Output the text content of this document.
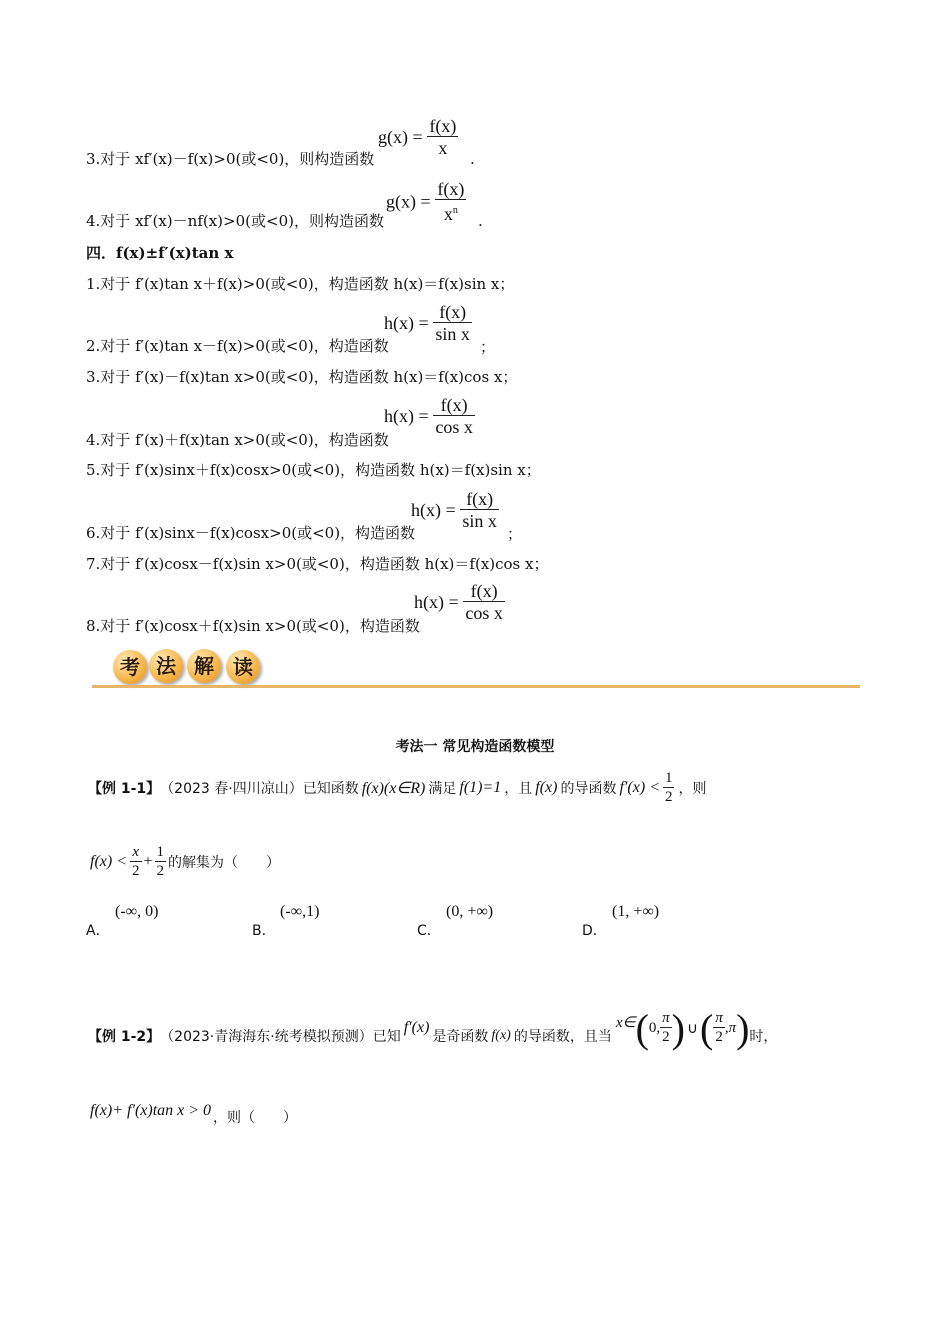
3.对于 xf′(x)－f(x)>0(或<0)，则构造函数
$g(x) = \frac{f(x)}{x}$ .
4.对于 xf′(x)－nf(x)>0(或<0)，则构造函数
$g(x) = \frac{f(x)}{x^n}$ .
四．f(x)±f′(x)tan x
1.对于 f′(x)tan x＋f(x)>0(或<0)，构造函数 h(x)＝f(x)sin x；
2.对于 f′(x)tan x－f(x)>0(或<0)，构造函数
$h(x) = \frac{f(x)}{\text{sin x}}$
；
3.对于 f′(x)－f(x)tan x>0(或<0)，构造函数 h(x)＝f(x)cos x；
4.对于 f′(x)＋f(x)tan x>0(或<0)，构造函数
$h(x) = \frac{f(x)}{\text{cos x}}$
5.对于 f′(x)sinx＋f(x)cosx>0(或<0)，构造函数 h(x)＝f(x)sin x；
6.对于 f′(x)sinx－f(x)cosx>0(或<0)，构造函数
$h(x) = \frac{f(x)}{\text{sin x}}$
；
7.对于 f′(x)cosx－f(x)sin x>0(或<0)，构造函数 h(x)＝f(x)cos x；
8.对于 f′(x)cosx＋f(x)sin x>0(或<0)，构造函数
$h(x) = \frac{f(x)}{\text{cos x}}$
考 法 解 读
考法一 常见构造函数模型
【例 1-1】 （2023 春·四川凉山）已知函数 f(x)(x∈R) 满足 f(1)=1 ，且 f(x) 的导函数 $f'(x) < \frac{1}{2}$ ，则
$f(x) < \frac{x}{2} + \frac{1}{2}$ 的解集为（　　）
A．
(-∞, 0)
B．
(-∞,1)
C．
(0, +∞)
D．
(1, +∞)
【例 1-2】 （2023·青海海东·统考模拟预测）已知
f′(x)
是奇函数 f(x) 的导函数，且当
x∈ ( 0, $\frac{\pi}{2}$ ) ∪ ( $\frac{\pi}{2} ,\pi$ ) 时，
f(x)+ f′(x)tan x > 0 ，则（　　）
